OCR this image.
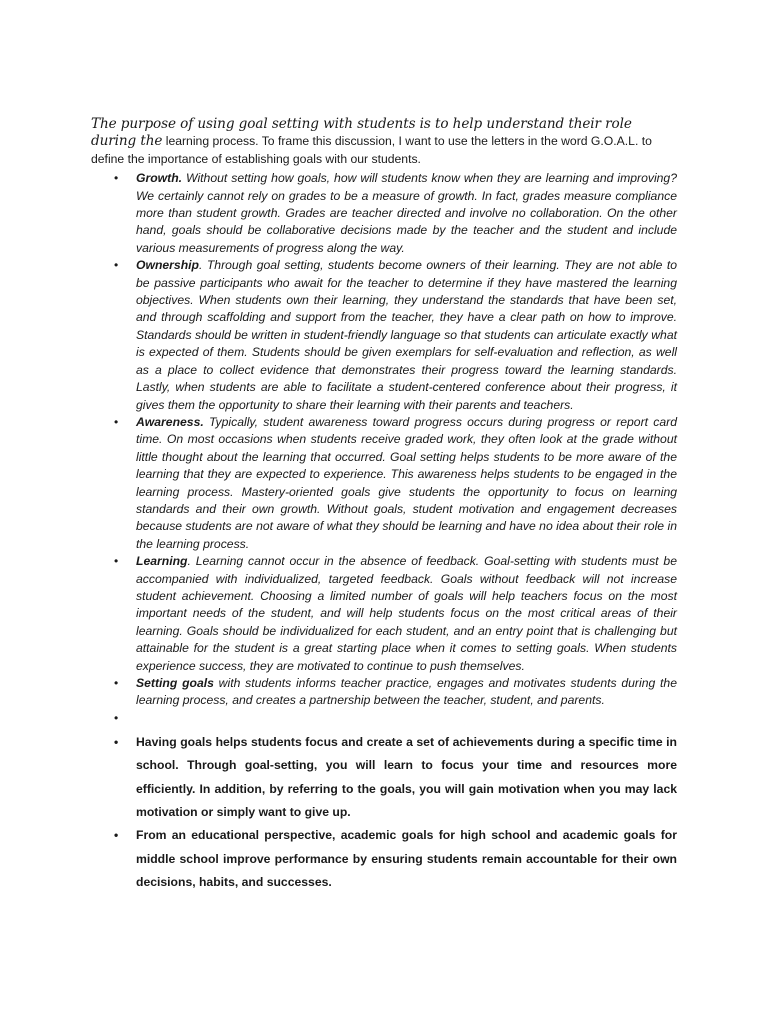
The purpose of using goal setting with students is to help understand their role during the learning process. To frame this discussion, I want to use the letters in the word G.O.A.L. to define the importance of establishing goals with our students.

• Growth. Without setting how goals, how will students know when they are learning and improving? We certainly cannot rely on grades to be a measure of growth. In fact, grades measure compliance more than student growth. Grades are teacher directed and involve no collaboration. On the other hand, goals should be collaborative decisions made by the teacher and the student and include various measurements of progress along the way.
• Ownership. Through goal setting, students become owners of their learning. They are not able to be passive participants who await for the teacher to determine if they have mastered the learning objectives. When students own their learning, they understand the standards that have been set, and through scaffolding and support from the teacher, they have a clear path on how to improve. Standards should be written in student-friendly language so that students can articulate exactly what is expected of them. Students should be given exemplars for self-evaluation and reflection, as well as a place to collect evidence that demonstrates their progress toward the learning standards. Lastly, when students are able to facilitate a student-centered conference about their progress, it gives them the opportunity to share their learning with their parents and teachers.
• Awareness. Typically, student awareness toward progress occurs during progress or report card time. On most occasions when students receive graded work, they often look at the grade without little thought about the learning that occurred. Goal setting helps students to be more aware of the learning that they are expected to experience. This awareness helps students to be engaged in the learning process. Mastery-oriented goals give students the opportunity to focus on learning standards and their own growth. Without goals, student motivation and engagement decreases because students are not aware of what they should be learning and have no idea about their role in the learning process.
• Learning. Learning cannot occur in the absence of feedback. Goal-setting with students must be accompanied with individualized, targeted feedback. Goals without feedback will not increase student achievement. Choosing a limited number of goals will help teachers focus on the most important needs of the student, and will help students focus on the most critical areas of their learning. Goals should be individualized for each student, and an entry point that is challenging but attainable for the student is a great starting place when it comes to setting goals. When students experience success, they are motivated to continue to push themselves.
• Setting goals with students informs teacher practice, engages and motivates students during the learning process, and creates a partnership between the teacher, student, and parents.
•
• Having goals helps students focus and create a set of achievements during a specific time in school. Through goal-setting, you will learn to focus your time and resources more efficiently. In addition, by referring to the goals, you will gain motivation when you may lack motivation or simply want to give up.
• From an educational perspective, academic goals for high school and academic goals for middle school improve performance by ensuring students remain accountable for their own decisions, habits, and successes.
